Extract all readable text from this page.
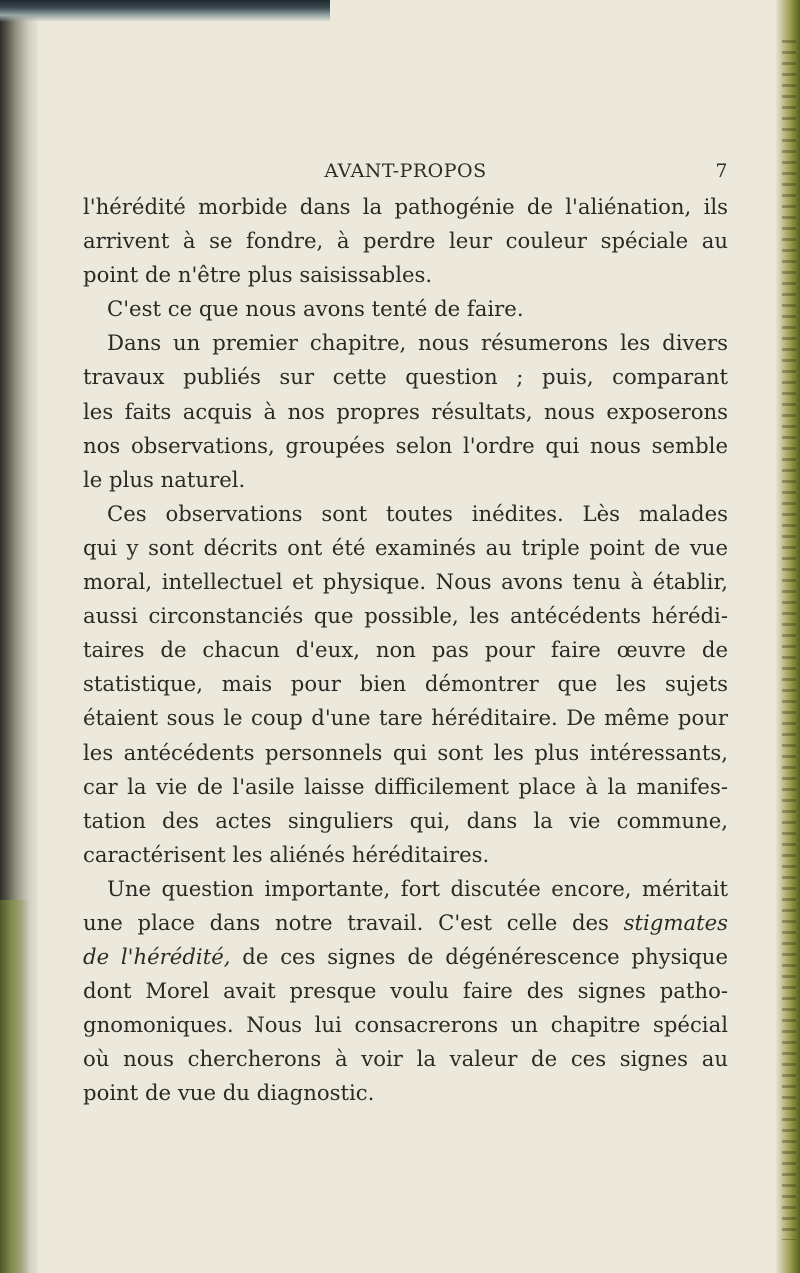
AVANT-PROPOS	7

l'hérédité morbide dans la pathogénie de l'aliénation, ils
arrivent à se fondre, à perdre leur couleur spéciale au
point de n'être plus saisissables.

C'est ce que nous avons tenté de faire.

Dans un premier chapitre, nous résumerons les divers
travaux publiés sur cette question ; puis, comparant
les faits acquis à nos propres résultats, nous exposerons
nos observations, groupées selon l'ordre qui nous semble
le plus naturel.

Ces observations sont toutes inédites. Lès malades
qui y sont décrits ont été examinés au triple point de vue
moral, intellectuel et physique. Nous avons tenu à établir,
aussi circonstanciés que possible, les antécédents hérédi-
taires de chacun d'eux, non pas pour faire œuvre de
statistique, mais pour bien démontrer que les sujets
étaient sous le coup d'une tare héréditaire. De même pour
les antécédents personnels qui sont les plus intéressants,
car la vie de l'asile laisse difficilement place à la manifes-
tation des actes singuliers qui, dans la vie commune,
caractérisent les aliénés héréditaires.

Une question importante, fort discutée encore, méritait
une place dans notre travail. C'est celle des stigmates
de l'hérédité, de ces signes de dégénérescence physique
dont Morel avait presque voulu faire des signes patho-
gnomoniques. Nous lui consacrerons un chapitre spécial
où nous chercherons à voir la valeur de ces signes au
point de vue du diagnostic.
